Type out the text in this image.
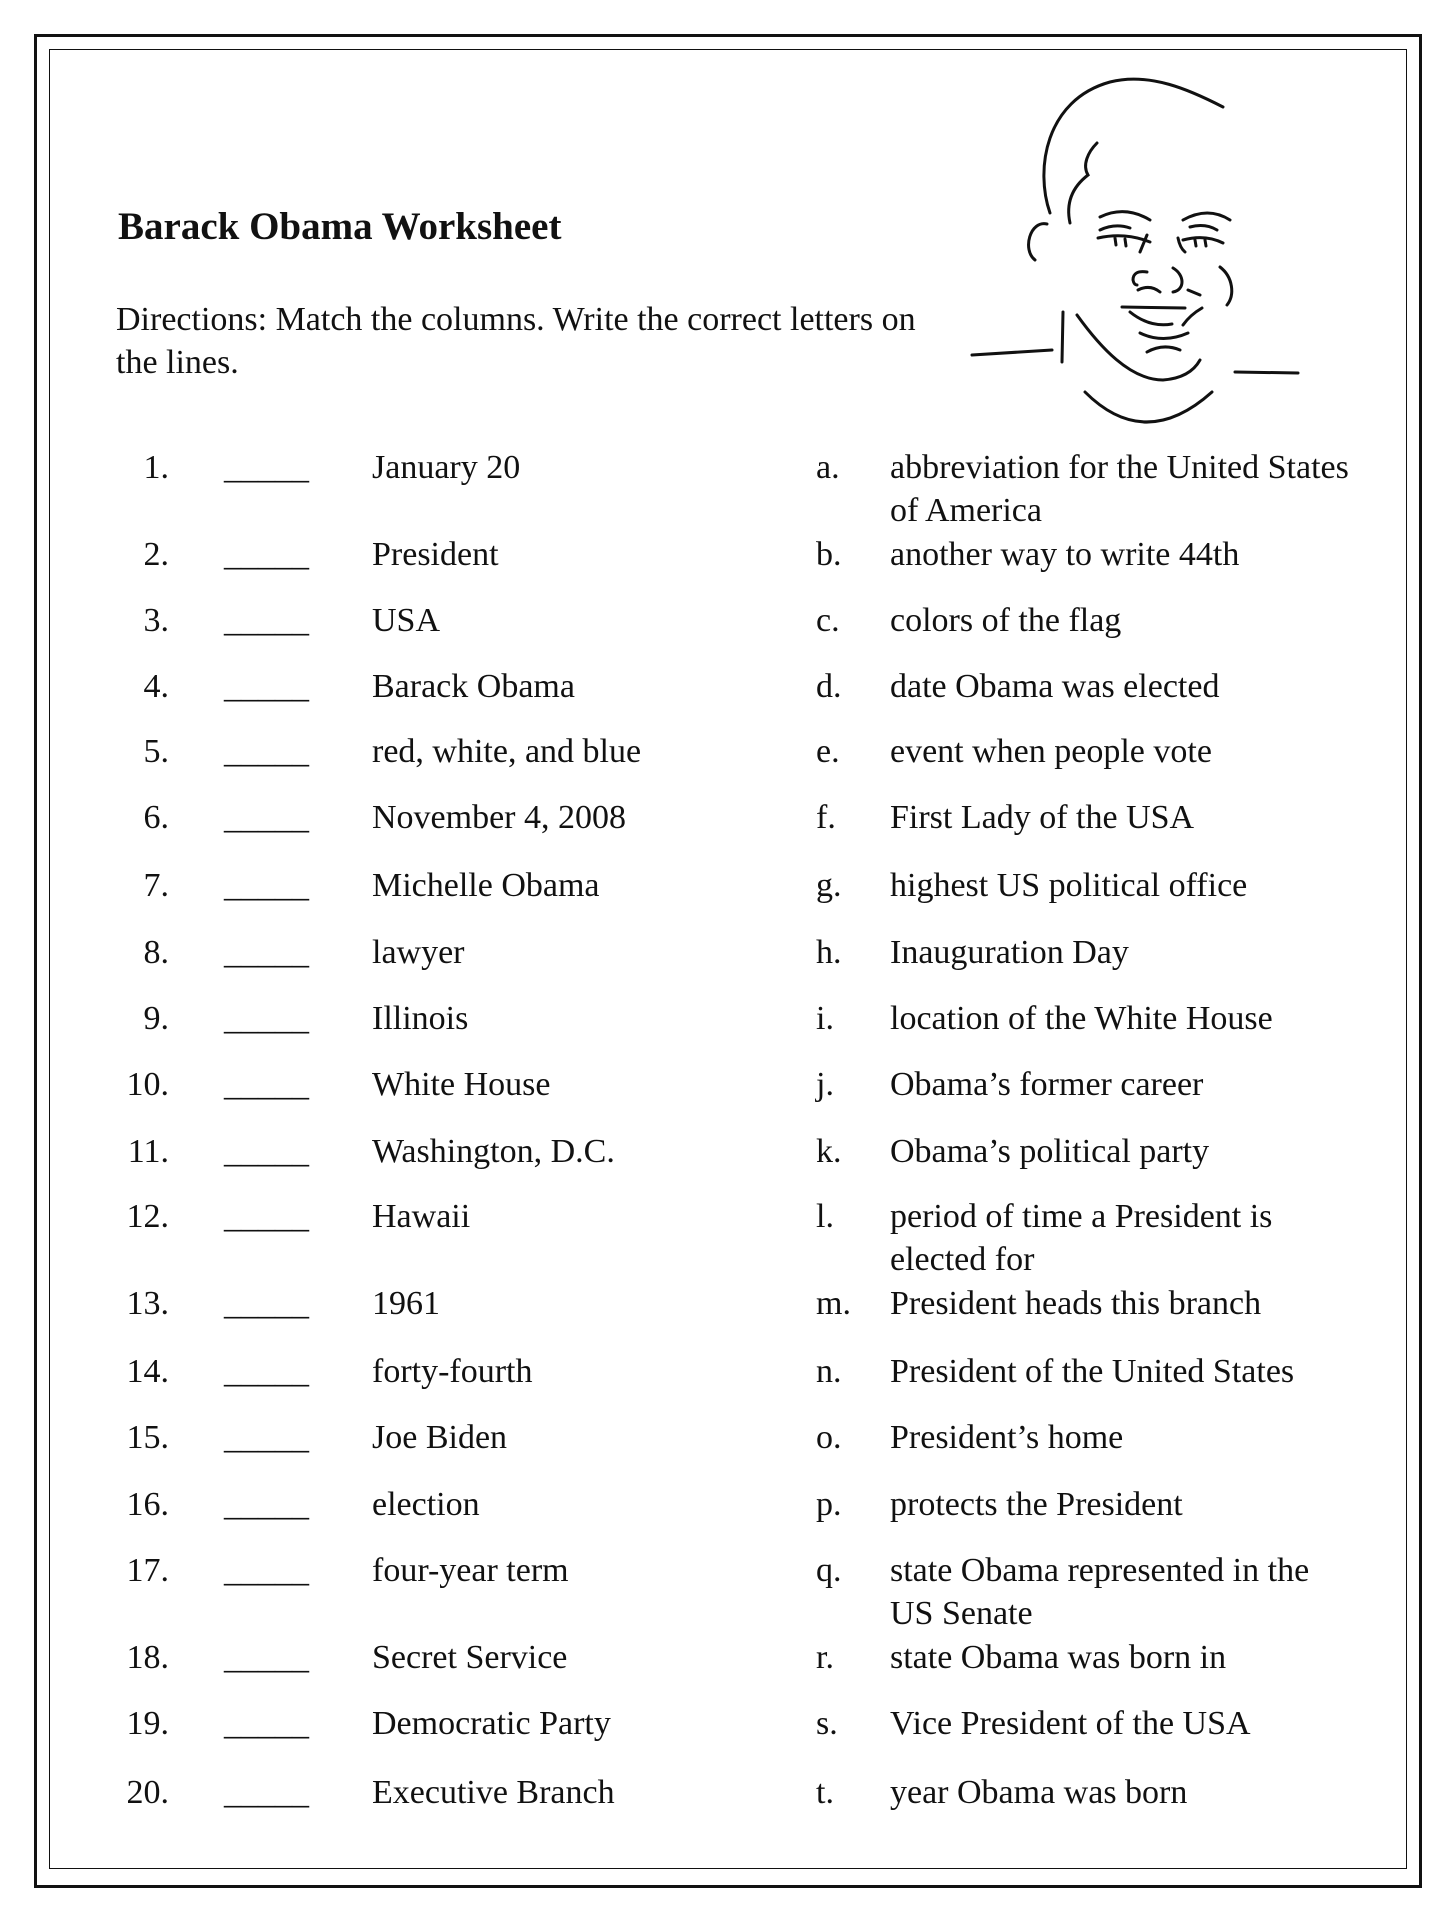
Barack Obama Worksheet
Directions: Match the columns. Write the correct letters on the lines.
1. _____ January 20	a. abbreviation for the United States of America
2. _____ President	b. another way to write 44th
3. _____ USA	c. colors of the flag
4. _____ Barack Obama	d. date Obama was elected
5. _____ red, white, and blue	e. event when people vote
6. _____ November 4, 2008	f. First Lady of the USA
7. _____ Michelle Obama	g. highest US political office
8. _____ lawyer	h. Inauguration Day
9. _____ Illinois	i. location of the White House
10. _____ White House	j. Obama’s former career
11. _____ Washington, D.C.	k. Obama’s political party
12. _____ Hawaii	l. period of time a President is elected for
13. _____ 1961	m. President heads this branch
14. _____ forty-fourth	n. President of the United States
15. _____ Joe Biden	o. President’s home
16. _____ election	p. protects the President
17. _____ four-year term	q. state Obama represented in the US Senate
18. _____ Secret Service	r. state Obama was born in
19. _____ Democratic Party	s. Vice President of the USA
20. _____ Executive Branch	t. year Obama was born
